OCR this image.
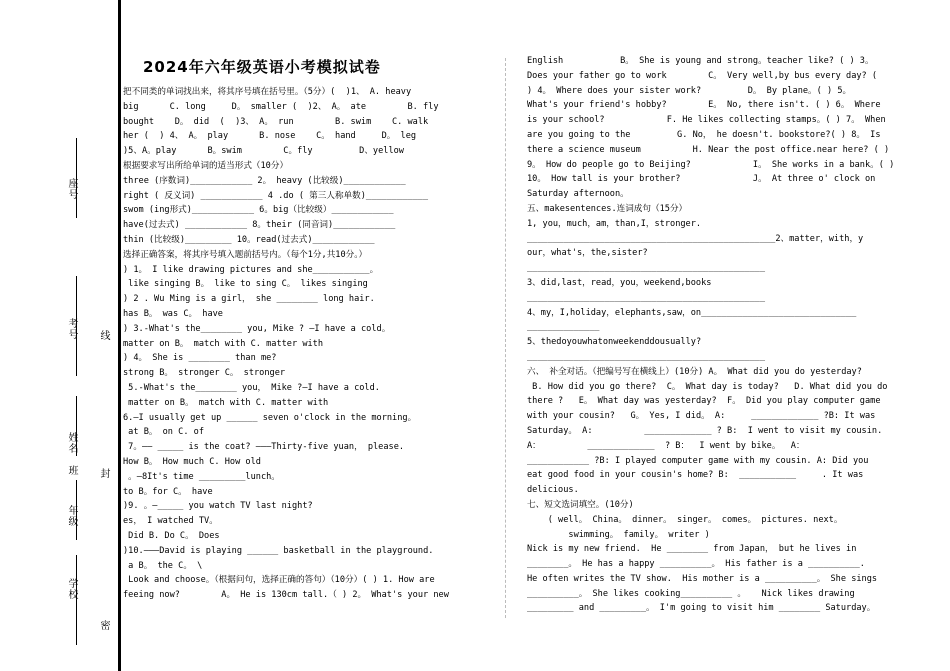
座号
考号 线
姓名
班 封
年级
学校
密
2024年六年级英语小考模拟试卷
把不同类的单词找出来，将其序号填在括号里。（5分）(  )1、 A. heavy
big      C. long     D。 smaller (  )2、 A。 ate        B. fly
bought    D。 did  (  )3、 A。 run        B. swim    C. walk
her (  ) 4、 A。 play      B. nose    C。 hand     D。 leg
)5、A。play      B。swim        C。fly         D、yellow
根据要求写出所给单词的适当形式（10分）
three (序数词)____________ 2。 heavy (比较级)____________
right ( 反义词) ____________ 4 .do ( 第三人称单数)____________
swom (ing形式)____________ 6。big（比较级）____________
have(过去式) ____________ 8。their (同音词)____________
thin (比较级)_________ 10。read(过去式)____________
选择正确答案，将其序号填入题前括号内。（每个1分,共10分。）
) 1。 I like drawing pictures and she___________。
like singing B。 like to sing C。 likes singing
) 2 . Wu Ming is a girl， she ________ long hair.
has B。 was C。 have
) 3.-What's the________ you, Mike ? —I have a cold。
matter on B。 match with C. matter with
) 4。 She is ________ than me?
strong B。 stronger C。 stronger
5.-What's the________ you， Mike ?—I have a cold.
matter on B。 match with C. matter with
6.—I usually get up ______ seven o'clock in the morning。
at B。 on C. of
7。—— _____ is the coat? ———Thirty-five yuan， please.
How B。 How much C. How old
。—8It's time _________lunch。
to B。for C。 have
)9. 。—_____ you watch TV last night?
es， I watched TV。
Did B. Do C。 Does
)10.———David is playing ______ basketball in the playground.
a B。 the C。 \
Look and choose。（根据问句，选择正确的答句）（10分）( ) 1. How are
feeing now?        A。 He is 130cm tall.（ ) 2。 What's your new
English           B。 She is young and strong。teacher like? ( ) 3。
Does your father go to work        C。 Very well,by bus every day? (
) 4。 Where does your sister work?         D。 By plane。( ) 5。
What's your friend's hobby?        E。 No, there isn't. ( ) 6。 Where
is your school?            F. He likes collecting stamps。( ) 7。 When
are you going to the         G. No， he doesn't. bookstore?( ) 8。 Is
there a science museum          H. Near the post office.near here? ( )
9。 How do people go to Beijing?            I。 She works in a bank。( )
10。 How tall is your brother?              J。 At three o' clock on
Saturday afternoon。
五、makesentences.连词成句（15分）
1, you，much，am，than,I，stronger.
________________________________________________2、matter，with，y
our，what's，the,sister?
______________________________________________
3、did,last，read，you，weekend,books
______________________________________________
4、my，I,holiday，elephants,saw，on______________________________
______________
5、thedoyouwhatonweekenddousually?
______________________________________________
六、 补全对话。（把编号写在横线上）(10分) A。 What did you do yesterday?
B. How did you go there?  C。 What day is today?   D. What did you do
there ?   E。 What day was yesterday?  F。 Did you play computer game
with your cousin?   G。 Yes, I did。 A:     _____________ ?B: It was
Saturday。 A:          _____________ ? B:  I went to visit my cousin.
A：         _____________  ? B：  I went by bike。  A：
____________ ?B: I played computer game with my cousin. A: Did you
eat good food in your cousin's home? B:  ___________     . It was
delicious.
七、短文选词填空。(10分)
( well。 China。 dinner。 singer。 comes。 pictures. next。
swimming。 family。 writer )
Nick is my new friend.  He ________ from Japan， but he lives in
________。 He has a happy __________。 His father is a __________.
He often writes the TV show.  His mother is a __________。 She sings
__________。 She likes cooking__________ 。   Nick likes drawing
_________ and _________。 I'm going to visit him ________ Saturday。
